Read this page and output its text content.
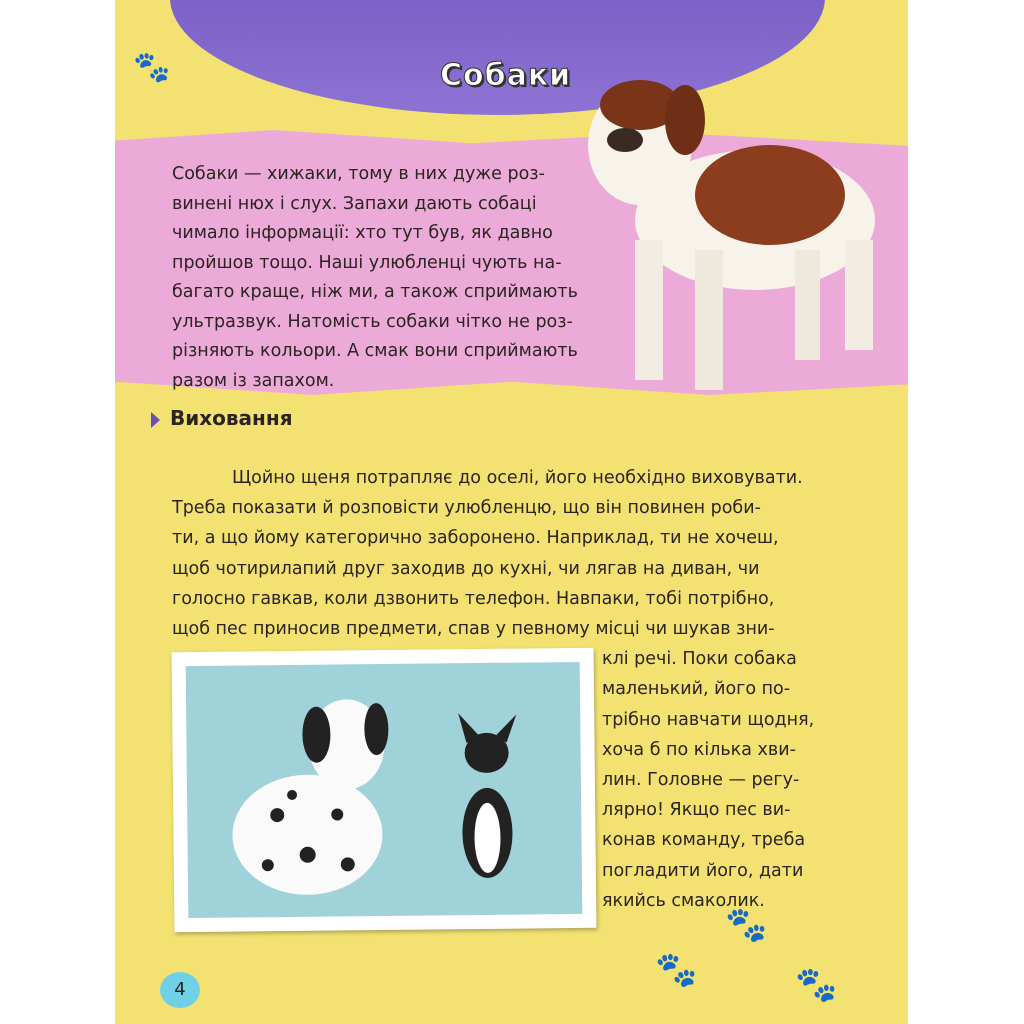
Собаки
🐾

Собаки — хижаки, тому в них дуже роз-

винені нюх і слух. Запахи дають собаці

чимало інформації: хто тут був, як давно

пройшов тощо. Наші улюбленці чують на-

багато краще, ніж ми, а також сприймають

ультразвук. Натомість собаки чітко не роз-

різняють кольори. А смак вони сприймають

разом із запахом.

Виховання

Щойно щеня потрапляє до оселі, його необхідно виховувати.

Треба показати й розповісти улюбленцю, що він повинен роби-

ти, а що йому категорично заборонено. Наприклад, ти не хочеш,

щоб чотирилапий друг заходив до кухні, чи лягав на диван, чи

голосно гавкав, коли дзвонить телефон. Навпаки, тобі потрібно,

щоб пес приносив предмети, спав у певному місці чи шукав зни-

клі речі. Поки собака

маленький, його по-

трібно навчати щодня,

хоча б по кілька хви-

лин. Головне — регу-

лярно! Якщо пес ви-

конав команду, треба

погладити його, дати

якийсь смаколик.

🐾
🐾	🐾
4
